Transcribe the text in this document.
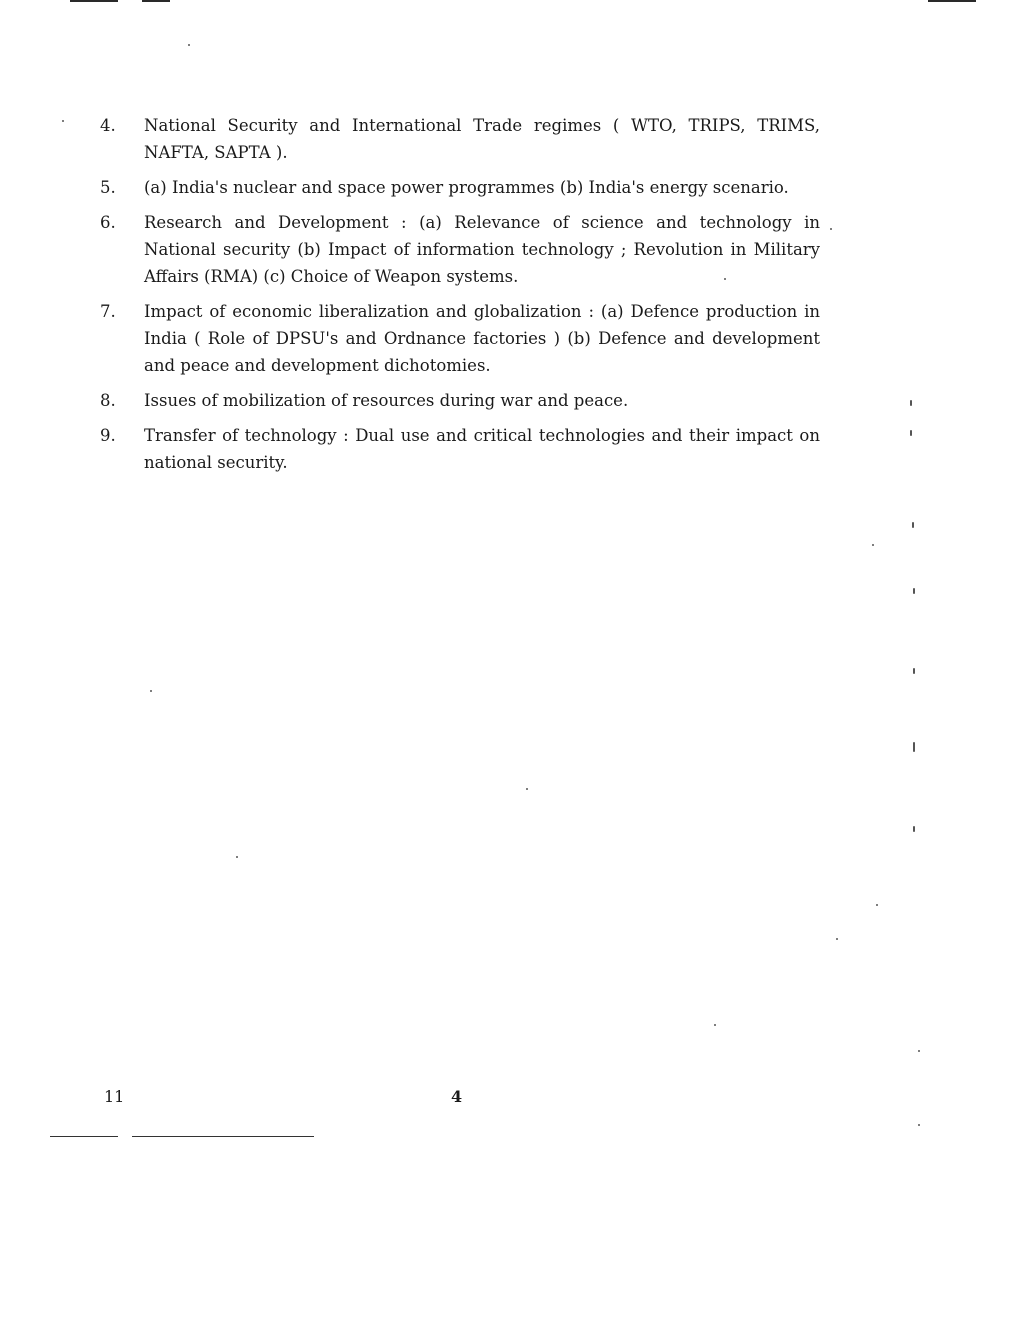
4.	National Security and International Trade regimes ( WTO, TRIPS, TRIMS, NAFTA, SAPTA ).
5.	(a) India's nuclear and space power programmes (b) India's energy scenario.
6.	Research and Development : (a) Relevance of science and technology in National security (b) Impact of information technology ; Revolution in Military Affairs (RMA) (c) Choice of Weapon systems.
7.	Impact of economic liberalization and globalization : (a) Defence production in India ( Role of DPSU's and Ordnance factories ) (b) Defence and development and peace and development dichotomies.
8.	Issues of mobilization of resources during war and peace.
9.	Transfer of technology : Dual use and critical technologies and their impact on national security.
11	4
